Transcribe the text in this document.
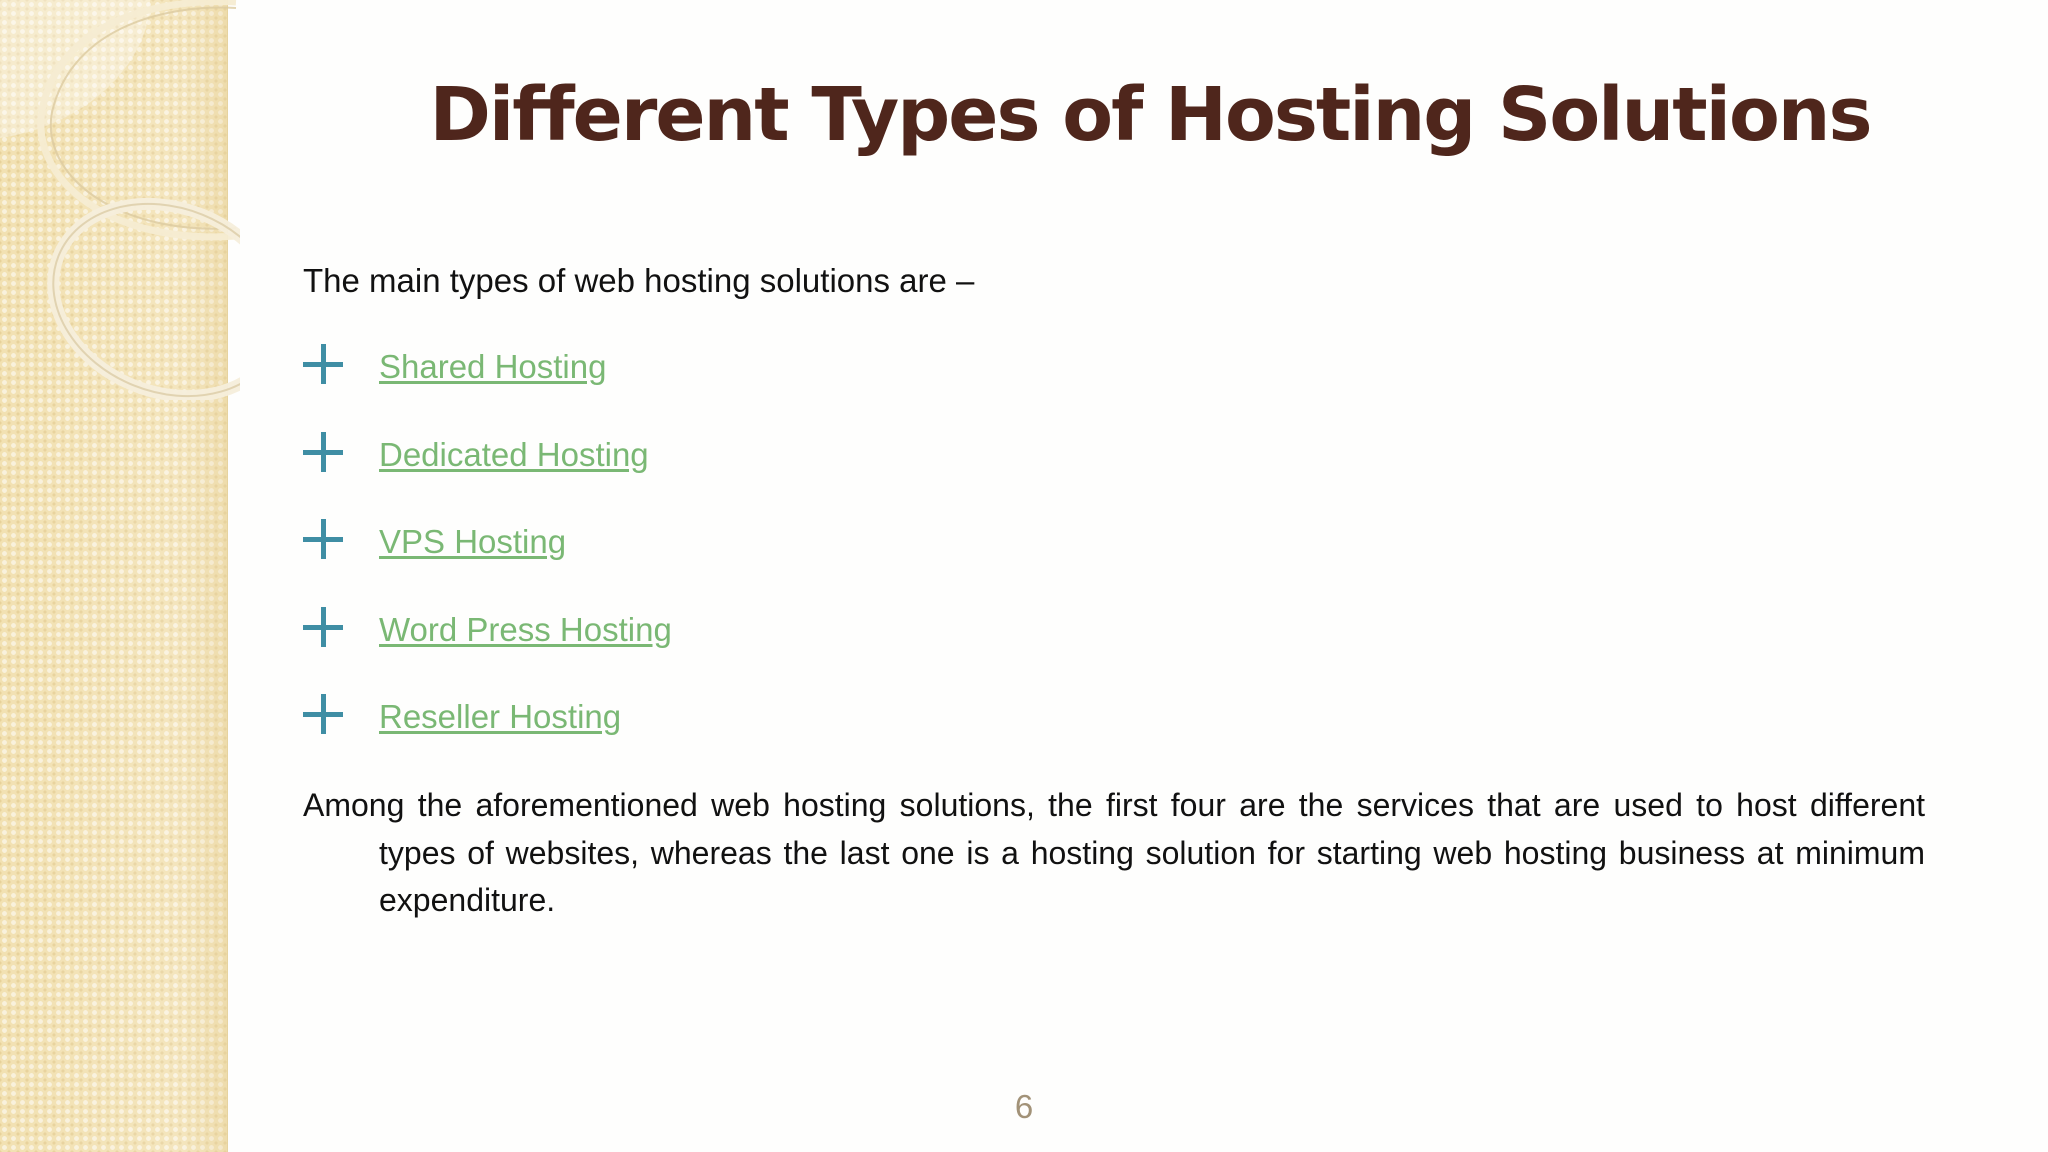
Different Types of Hosting Solutions

The main types of web hosting solutions are –

Shared Hosting
Dedicated Hosting
VPS Hosting
Word Press Hosting
Reseller Hosting

Among the aforementioned web hosting solutions, the first four are the services that are used to host different types of websites, whereas the last one is a hosting solution for starting web hosting business at minimum expenditure.

6
